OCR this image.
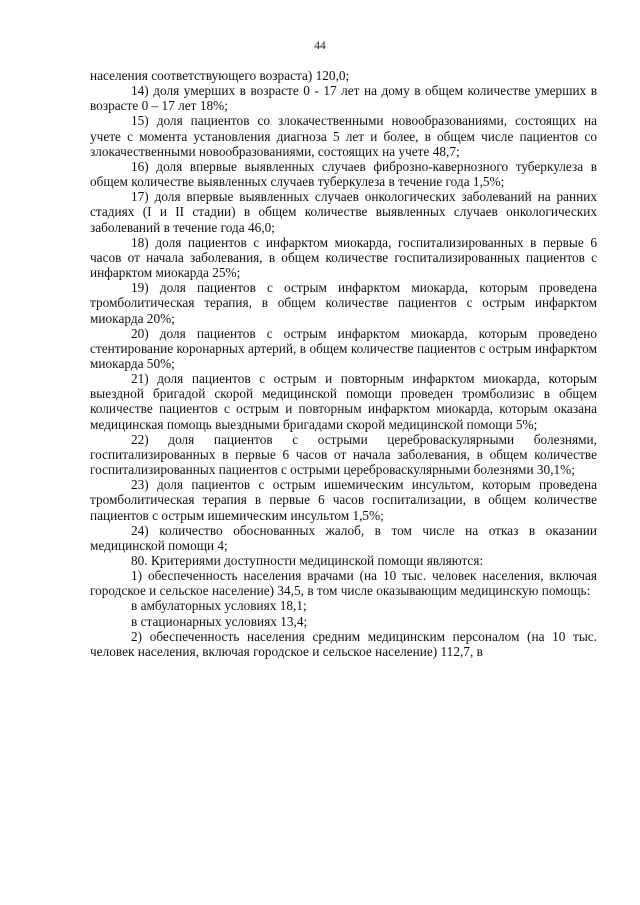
44

населения соответствующего возраста) 120,0;

14) доля умерших в возрасте 0 - 17 лет на дому в общем количестве умерших в возрасте 0 – 17 лет 18%;

15) доля пациентов со злокачественными новообразованиями, состоящих на учете с момента установления диагноза 5 лет и более, в общем числе пациентов со злокачественными новообразованиями, состоящих на учете 48,7;

16) доля впервые выявленных случаев фиброзно-кавернозного туберкулеза в общем количестве выявленных случаев туберкулеза в течение года 1,5%;

17) доля впервые выявленных случаев онкологических заболеваний на ранних стадиях (I и II стадии) в общем количестве выявленных случаев онкологических заболеваний в течение года 46,0;

18) доля пациентов с инфарктом миокарда, госпитализированных в первые 6 часов от начала заболевания, в общем количестве госпитализированных пациентов с инфарктом миокарда 25%;

19) доля пациентов с острым инфарктом миокарда, которым проведена тромболитическая терапия, в общем количестве пациентов с острым инфарктом миокарда 20%;

20) доля пациентов с острым инфарктом миокарда, которым проведено стентирование коронарных артерий, в общем количестве пациентов с острым инфарктом миокарда 50%;

21) доля пациентов с острым и повторным инфарктом миокарда, которым выездной бригадой скорой медицинской помощи проведен тромболизис в общем количестве пациентов с острым и повторным инфарктом миокарда, которым оказана медицинская помощь выездными бригадами скорой медицинской помощи 5%;

22) доля пациентов с острыми цереброваскулярными болезнями, госпитализированных в первые 6 часов от начала заболевания, в общем количестве госпитализированных пациентов с острыми цереброваскулярными болезнями 30,1%;

23) доля пациентов с острым ишемическим инсультом, которым проведена тромболитическая терапия в первые 6 часов госпитализации, в общем количестве пациентов с острым ишемическим инсультом 1,5%;

24) количество обоснованных жалоб, в том числе на отказ в оказании медицинской помощи 4;

80. Критериями доступности медицинской помощи являются:

1) обеспеченность населения врачами (на 10 тыс. человек населения, включая городское и сельское население) 34,5, в том числе оказывающим медицинскую помощь:

в амбулаторных условиях 18,1;

в стационарных условиях 13,4;

2) обеспеченность населения средним медицинским персоналом (на 10 тыс. человек населения, включая городское и сельское население) 112,7, в
